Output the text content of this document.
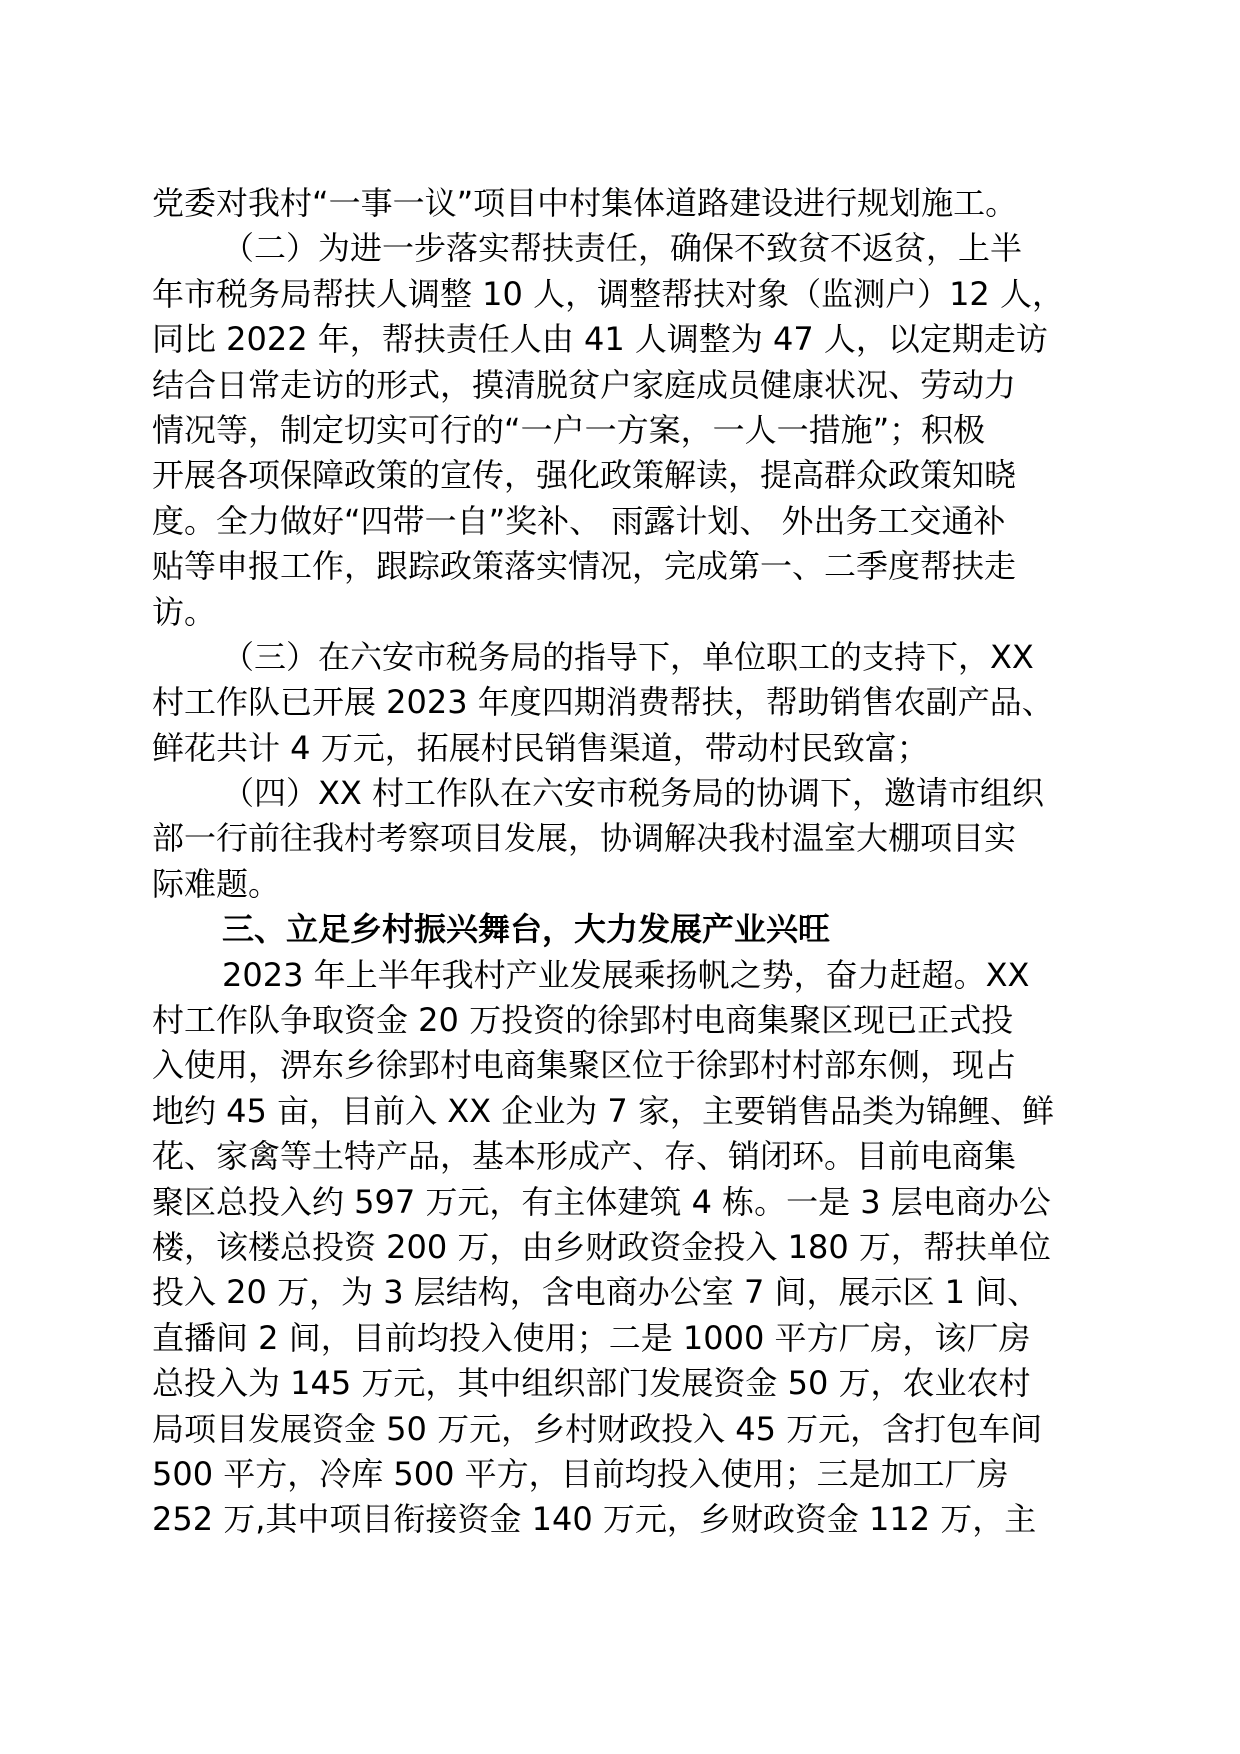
党委对我村“一事一议”项目中村集体道路建设进行规划施工。
（二）为进一步落实帮扶责任，确保不致贫不返贫，上半
年市税务局帮扶人调整 10 人，调整帮扶对象（监测户）12 人，
同比 2022 年，帮扶责任人由 41 人调整为 47 人，以定期走访
结合日常走访的形式，摸清脱贫户家庭成员健康状况、劳动力
情况等，制定切实可行的“一户一方案，一人一措施”；积极
开展各项保障政策的宣传，强化政策解读，提高群众政策知晓
度。全力做好“四带一自”奖补、 雨露计划、 外出务工交通补
贴等申报工作，跟踪政策落实情况，完成第一、二季度帮扶走
访。
（三）在六安市税务局的指导下，单位职工的支持下，XX
村工作队已开展 2023 年度四期消费帮扶，帮助销售农副产品、
鲜花共计 4 万元，拓展村民销售渠道，带动村民致富；
（四）XX 村工作队在六安市税务局的协调下，邀请市组织
部一行前往我村考察项目发展，协调解决我村温室大棚项目实
际难题。
三、立足乡村振兴舞台，大力发展产业兴旺
2023 年上半年我村产业发展乘扬帆之势，奋力赶超。XX
村工作队争取资金 20 万投资的徐郢村电商集聚区现已正式投
入使用，淠东乡徐郢村电商集聚区位于徐郢村村部东侧，现占
地约 45 亩，目前入 XX 企业为 7 家，主要销售品类为锦鲤、鲜
花、家禽等土特产品，基本形成产、存、销闭环。目前电商集
聚区总投入约 597 万元，有主体建筑 4 栋。一是 3 层电商办公
楼，该楼总投资 200 万，由乡财政资金投入 180 万，帮扶单位
投入 20 万，为 3 层结构，含电商办公室 7 间，展示区 1 间、
直播间 2 间，目前均投入使用；二是 1000 平方厂房，该厂房
总投入为 145 万元，其中组织部门发展资金 50 万，农业农村
局项目发展资金 50 万元，乡村财政投入 45 万元，含打包车间
500 平方，冷库 500 平方，目前均投入使用；三是加工厂房
252 万,其中项目衔接资金 140 万元，乡财政资金 112 万，主
